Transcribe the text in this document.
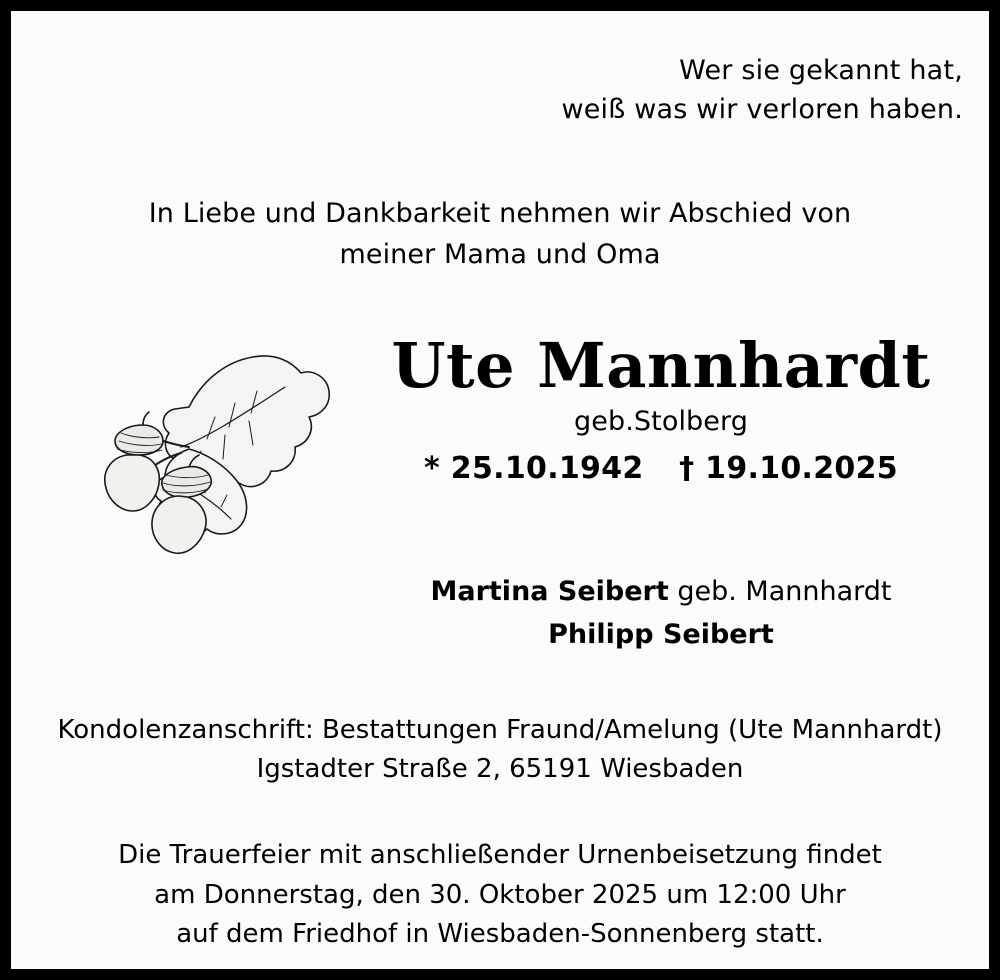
Wer sie gekannt hat,
weiß was wir verloren haben.
In Liebe und Dankbarkeit nehmen wir Abschied von
meiner Mama und Oma
Ute Mannhardt
geb.Stolberg
* 25.10.1942 † 19.10.2025
Martina Seibert geb. Mannhardt
Philipp Seibert
Kondolenzanschrift: Bestattungen Fraund/Amelung (Ute Mannhardt)
Igstadter Straße 2, 65191 Wiesbaden
Die Trauerfeier mit anschließender Urnenbeisetzung findet
am Donnerstag, den 30. Oktober 2025 um 12:00 Uhr
auf dem Friedhof in Wiesbaden-Sonnenberg statt.
